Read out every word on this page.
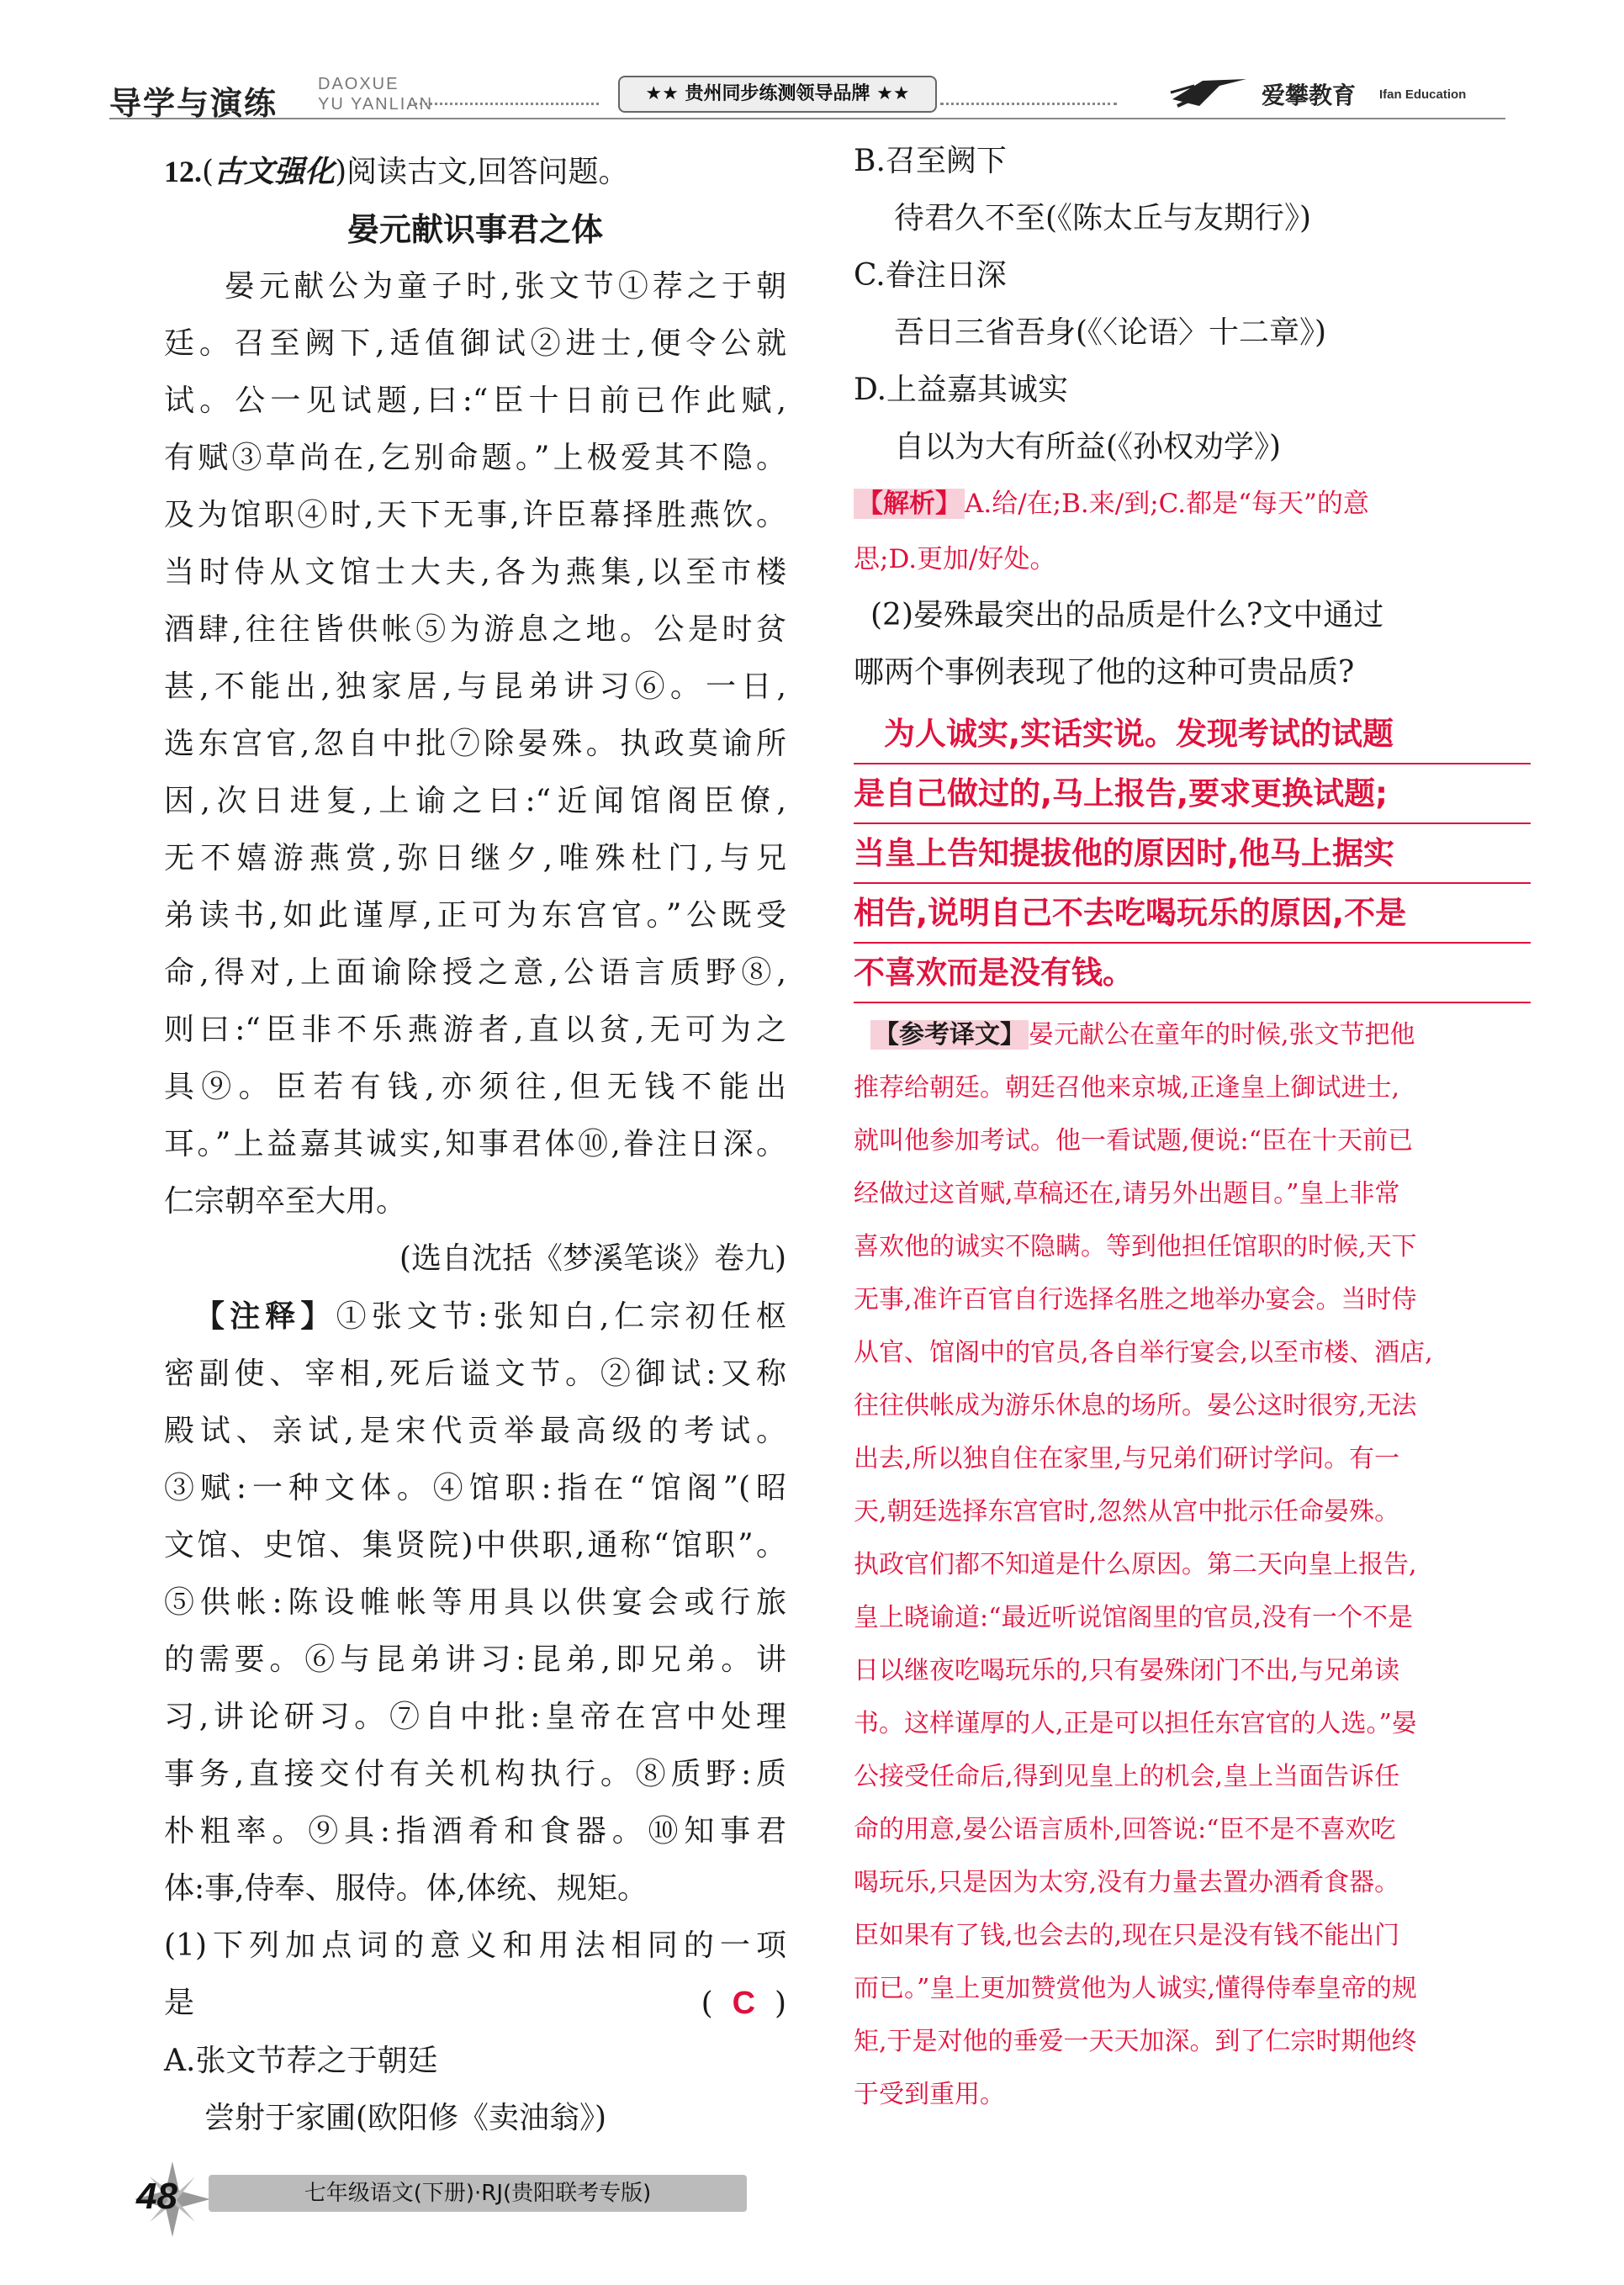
导学与演练
DAOXUE
YU YANLIAN	★★ 贵州同步练测领导品牌 ★★	爱攀教育 Ifan Education
12.(古文强化)阅读古文,回答问题。
晏元献识事君之体
晏元献公为童子时,张文节①荐之于朝
廷。召至阙下,适值御试②进士,便令公就
试。公一见试题,曰:“臣十日前已作此赋,
有赋③草尚在,乞别命题。”上极爱其不隐。
及为馆职④时,天下无事,许臣幕择胜燕饮。
当时侍从文馆士大夫,各为燕集,以至市楼
酒肆,往往皆供帐⑤为游息之地。公是时贫
甚,不能出,独家居,与昆弟讲习⑥。一日,
选东宫官,忽自中批⑦除晏殊。执政莫谕所
因,次日进复,上谕之曰:“近闻馆阁臣僚,
无不嬉游燕赏,弥日继夕,唯殊杜门,与兄
弟读书,如此谨厚,正可为东宫官。”公既受
命,得对,上面谕除授之意,公语言质野⑧,
则曰:“臣非不乐燕游者,直以贫,无可为之
具⑨。臣若有钱,亦须往,但无钱不能出
耳。”上益嘉其诚实,知事君体⑩,眷注日深。
仁宗朝卒至大用。
(选自沈括《梦溪笔谈》卷九)
【注释】①张文节:张知白,仁宗初任枢
密副使、宰相,死后谥文节。②御试:又称
殿试、亲试,是宋代贡举最高级的考试。
③赋:一种文体。④馆职:指在“馆阁”(昭
文馆、史馆、集贤院)中供职,通称“馆职”。
⑤供帐:陈设帷帐等用具以供宴会或行旅
的需要。⑥与昆弟讲习:昆弟,即兄弟。讲
习,讲论研习。⑦自中批:皇帝在宫中处理
事务,直接交付有关机构执行。⑧质野:质
朴粗率。⑨具:指酒肴和食器。⑩知事君
体:事,侍奉、服侍。体,体统、规矩。
(1)下列加点词的意义和用法相同的一项
是	( C )
A.张文节荐之于朝廷
尝射于家圃(欧阳修《卖油翁》)
B.召至阙下
待君久不至(《陈太丘与友期行》)
C.眷注日深
吾日三省吾身(《〈论语〉十二章》)
D.上益嘉其诚实
自以为大有所益(《孙权劝学》)
【解析】 A.给/在;B.来/到;C.都是“每天”的意
思;D.更加/好处。
(2)晏殊最突出的品质是什么?文中通过
哪两个事例表现了他的这种可贵品质?
为人诚实,实话实说。发现考试的试题
是自己做过的,马上报告,要求更换试题;
当皇上告知提拔他的原因时,他马上据实
相告,说明自己不去吃喝玩乐的原因,不是
不喜欢而是没有钱。
【参考译文】 晏元献公在童年的时候,张文节把他
推荐给朝廷。朝廷召他来京城,正逢皇上御试进士,
就叫他参加考试。他一看试题,便说:“臣在十天前已
经做过这首赋,草稿还在,请另外出题目。”皇上非常
喜欢他的诚实不隐瞒。等到他担任馆职的时候,天下
无事,准许百官自行选择名胜之地举办宴会。当时侍
从官、馆阁中的官员,各自举行宴会,以至市楼、酒店,
往往供帐成为游乐休息的场所。晏公这时很穷,无法
出去,所以独自住在家里,与兄弟们研讨学问。有一
天,朝廷选择东宫官时,忽然从宫中批示任命晏殊。
执政官们都不知道是什么原因。第二天向皇上报告,
皇上晓谕道:“最近听说馆阁里的官员,没有一个不是
日以继夜吃喝玩乐的,只有晏殊闭门不出,与兄弟读
书。这样谨厚的人,正是可以担任东宫官的人选。”晏
公接受任命后,得到见皇上的机会,皇上当面告诉任
命的用意,晏公语言质朴,回答说:“臣不是不喜欢吃
喝玩乐,只是因为太穷,没有力量去置办酒肴食器。
臣如果有了钱,也会去的,现在只是没有钱不能出门
而已。”皇上更加赞赏他为人诚实,懂得侍奉皇帝的规
矩,于是对他的垂爱一天天加深。到了仁宗时期他终
于受到重用。
48	七年级语文(下册)·RJ(贵阳联考专版)
